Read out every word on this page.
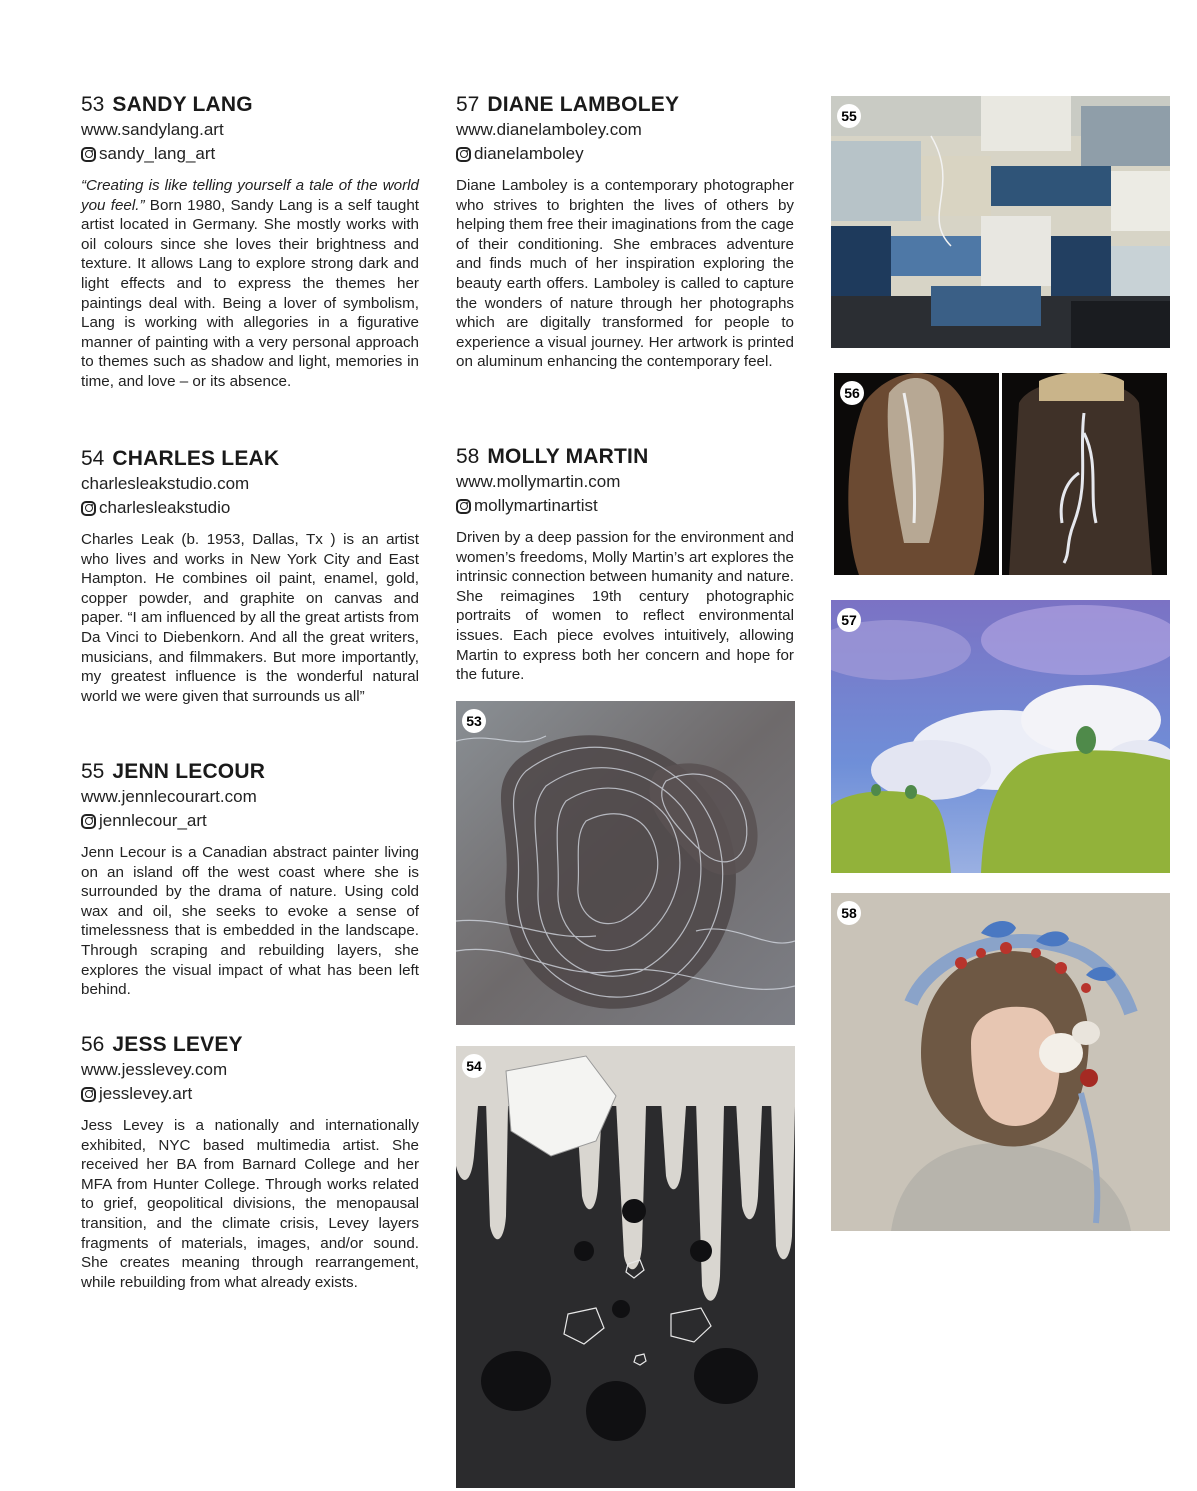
53 SANDY LANG
www.sandylang.art
sandy_lang_art

“Creating is like telling yourself a tale of the world you feel.” Born 1980, Sandy Lang is a self taught artist located in Germany. She mostly works with oil colours since she loves their brightness and texture. It allows Lang to explore strong dark and light effects and to express the themes her paintings deal with. Being a lover of symbolism, Lang is working with allegories in a figurative manner of painting with a very personal approach to themes such as shadow and light, memories in time, and love – or its absence.

54 CHARLES LEAK
charlesleakstudio.com
charlesleakstudio

Charles Leak (b. 1953, Dallas, Tx ) is an artist who lives and works in New York City and East Hampton. He combines oil paint, enamel, gold, copper powder, and graphite on canvas and paper. “I am influenced by all the great artists from Da Vinci to Diebenkorn. And all the great writers, musicians, and filmmakers. But more importantly, my greatest influence is the wonderful natural world we were given that surrounds us all”

55 JENN LECOUR
www.jennlecourart.com
jennlecour_art

Jenn Lecour is a Canadian abstract painter living on an island off the west coast where she is surrounded by the drama of nature. Using cold wax and oil, she seeks to evoke a sense of timelessness that is embedded in the landscape. Through scraping and rebuilding layers, she explores the visual impact of what has been left behind.

56 JESS LEVEY
www.jesslevey.com
jesslevey.art

Jess Levey is a nationally and internationally exhibited, NYC based multimedia artist. She received her BA from Barnard College and her MFA from Hunter College. Through works related to grief, geopolitical divisions, the menopausal transition, and the climate crisis, Levey layers fragments of materials, images, and/or sound. She creates meaning through rearrangement, while rebuilding from what already exists.

57 DIANE LAMBOLEY
www.dianelamboley.com
dianelamboley

Diane Lamboley is a contemporary photographer who strives to brighten the lives of others by helping them free their imaginations from the cage of their conditioning. She embraces adventure and finds much of her inspiration exploring the beauty earth offers. Lamboley is called to capture the wonders of nature through her photographs which are digitally transformed for people to experience a visual journey. Her artwork is printed on aluminum enhancing the contemporary feel.

58 MOLLY MARTIN
www.mollymartin.com
mollymartinartist

Driven by a deep passion for the environment and women’s freedoms, Molly Martin’s art explores the intrinsic connection between humanity and nature. She reimagines 19th century photographic portraits of women to reflect environmental issues. Each piece evolves intuitively, allowing Martin to express both her concern and hope for the future.

53
54
55
56
57
58
